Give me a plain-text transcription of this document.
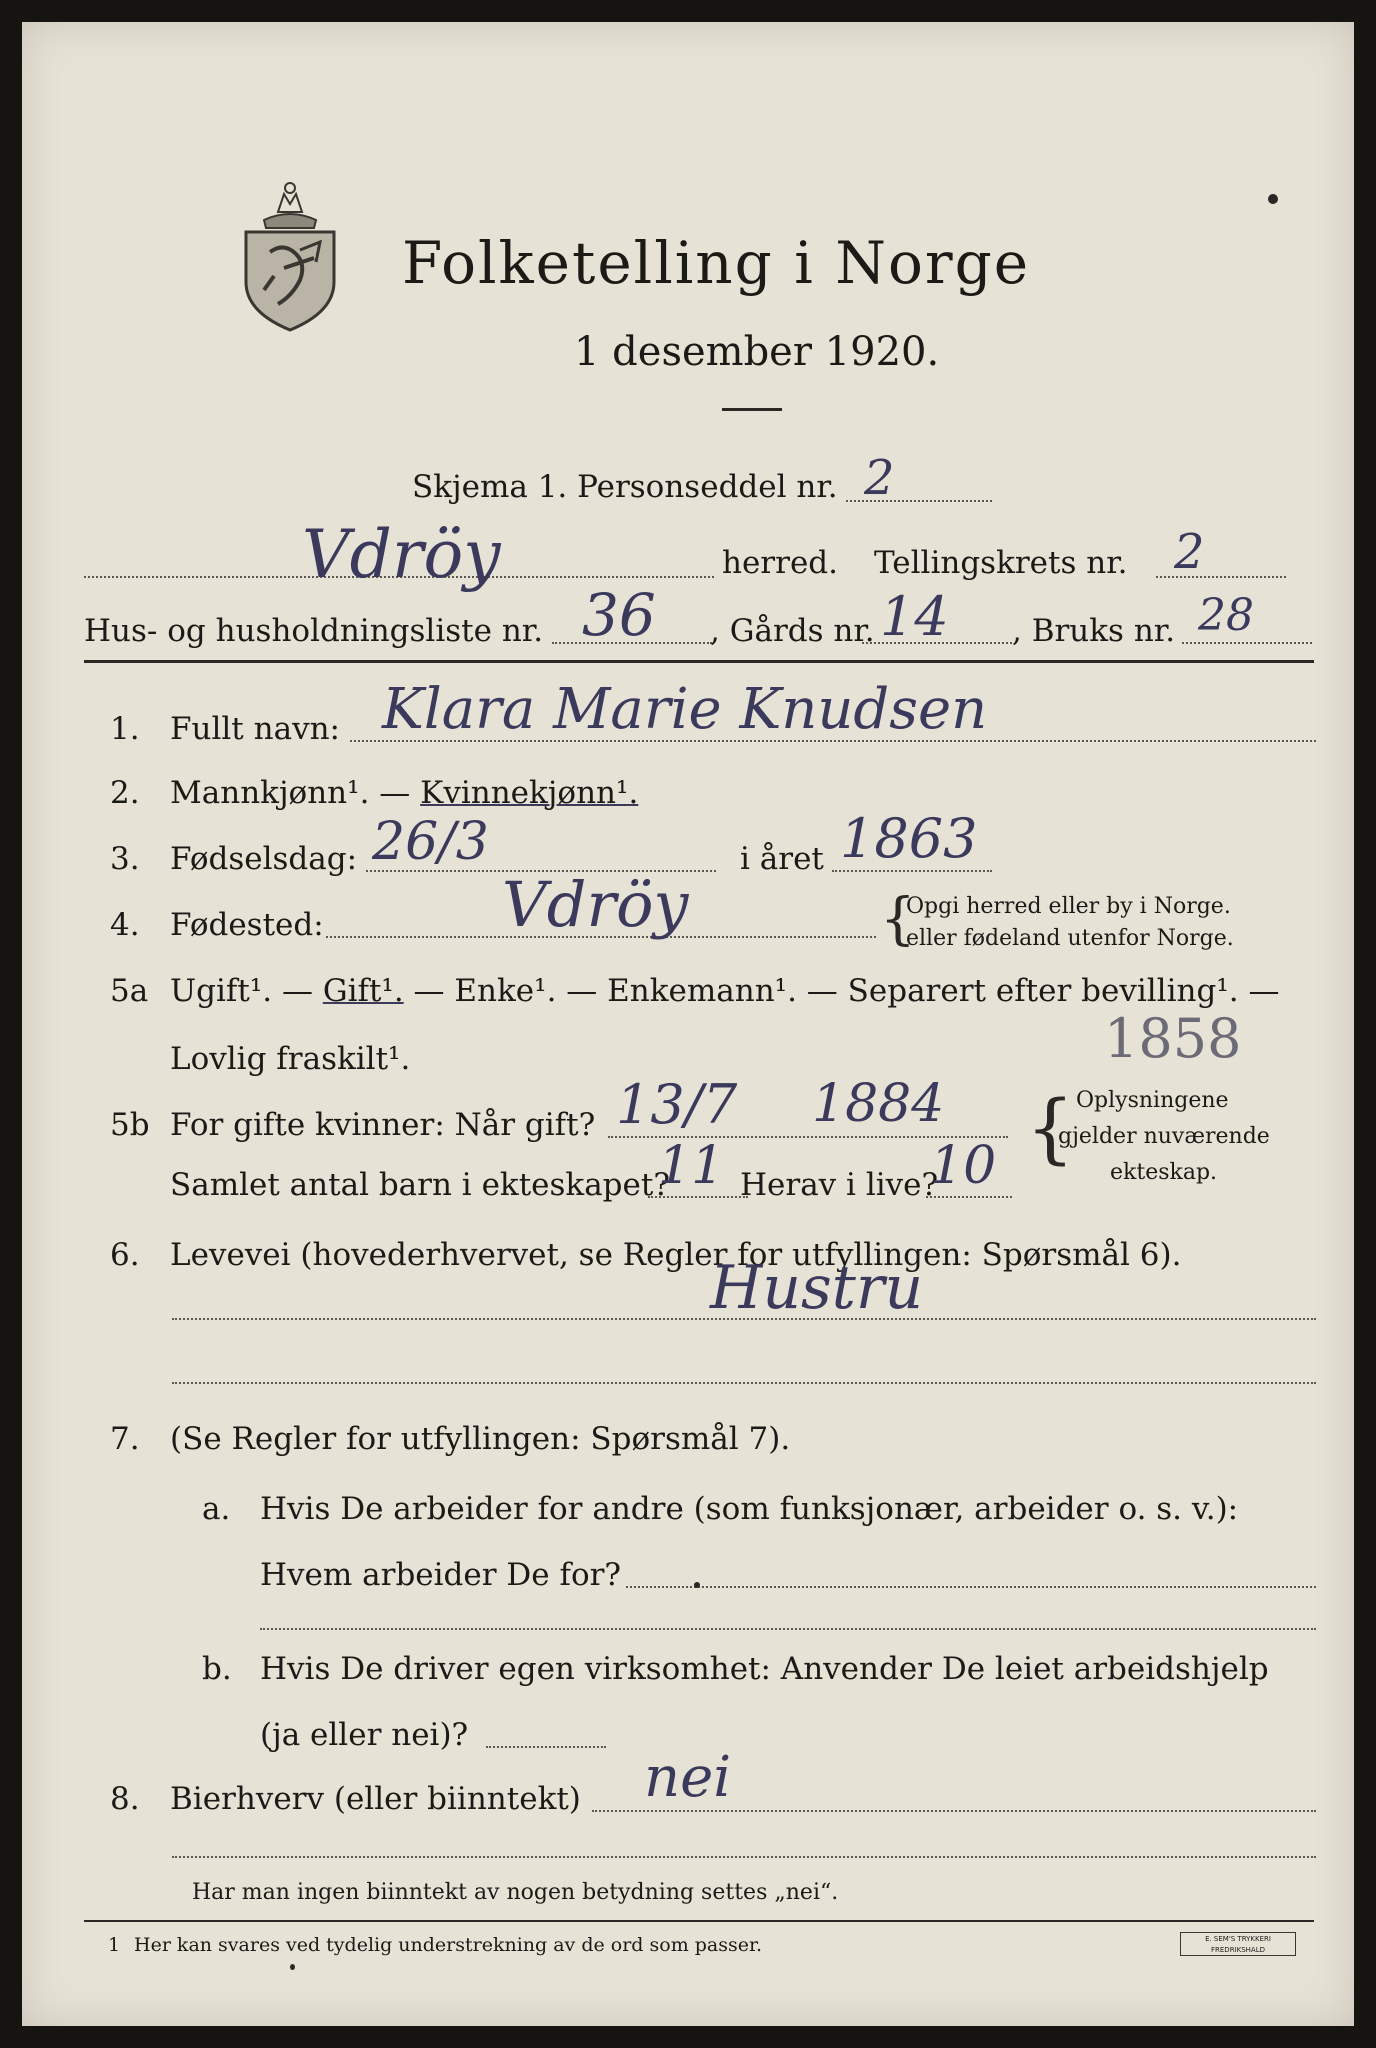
Folketelling i Norge
1 desember 1920.
Skjema 1. Personseddel nr. 2
Vdröy	herred. Tellingskrets nr. 2
Hus- og husholdningsliste nr. 36 , Gårds nr. 14 , Bruks nr. 28
1. Fullt navn: Klara Marie Knudsen
2. Mannkjønn¹. — Kvinnekjønn¹.
3. Fødselsdag: 26/3	i året 1863
4. Fødested:	Vdröy	{
Opgi herred eller by i Norge.
eller fødeland utenfor Norge.
5a Ugift¹. — Gift¹. — Enke¹. — Enkemann¹. — Separert efter bevilling¹. —
Lovlig fraskilt¹.	1858
5b For gifte kvinner: Når gift? 13/7 1884 { Oplysningene
gjelder nuværende
ekteskap.
Samlet antal barn i ekteskapet?
11 Herav i live?
10
6. Levevei (hovederhvervet, se Regler for utfyllingen: Spørsmål 6).
Hustru
7. (Se Regler for utfyllingen: Spørsmål 7).
a. Hvis De arbeider for andre (som funksjonær, arbeider o. s. v.):
Hvem arbeider De for?
b. Hvis De driver egen virksomhet: Anvender De leiet arbeidshjelp
(ja eller nei)?
8. Bierhverv (eller biinntekt) nei
Har man ingen biinntekt av nogen betydning settes „nei“.
1 Her kan svares ved tydelig understrekning av de ord som passer.	E. SEM'S TRYKKERI FREDRIKSHALD
